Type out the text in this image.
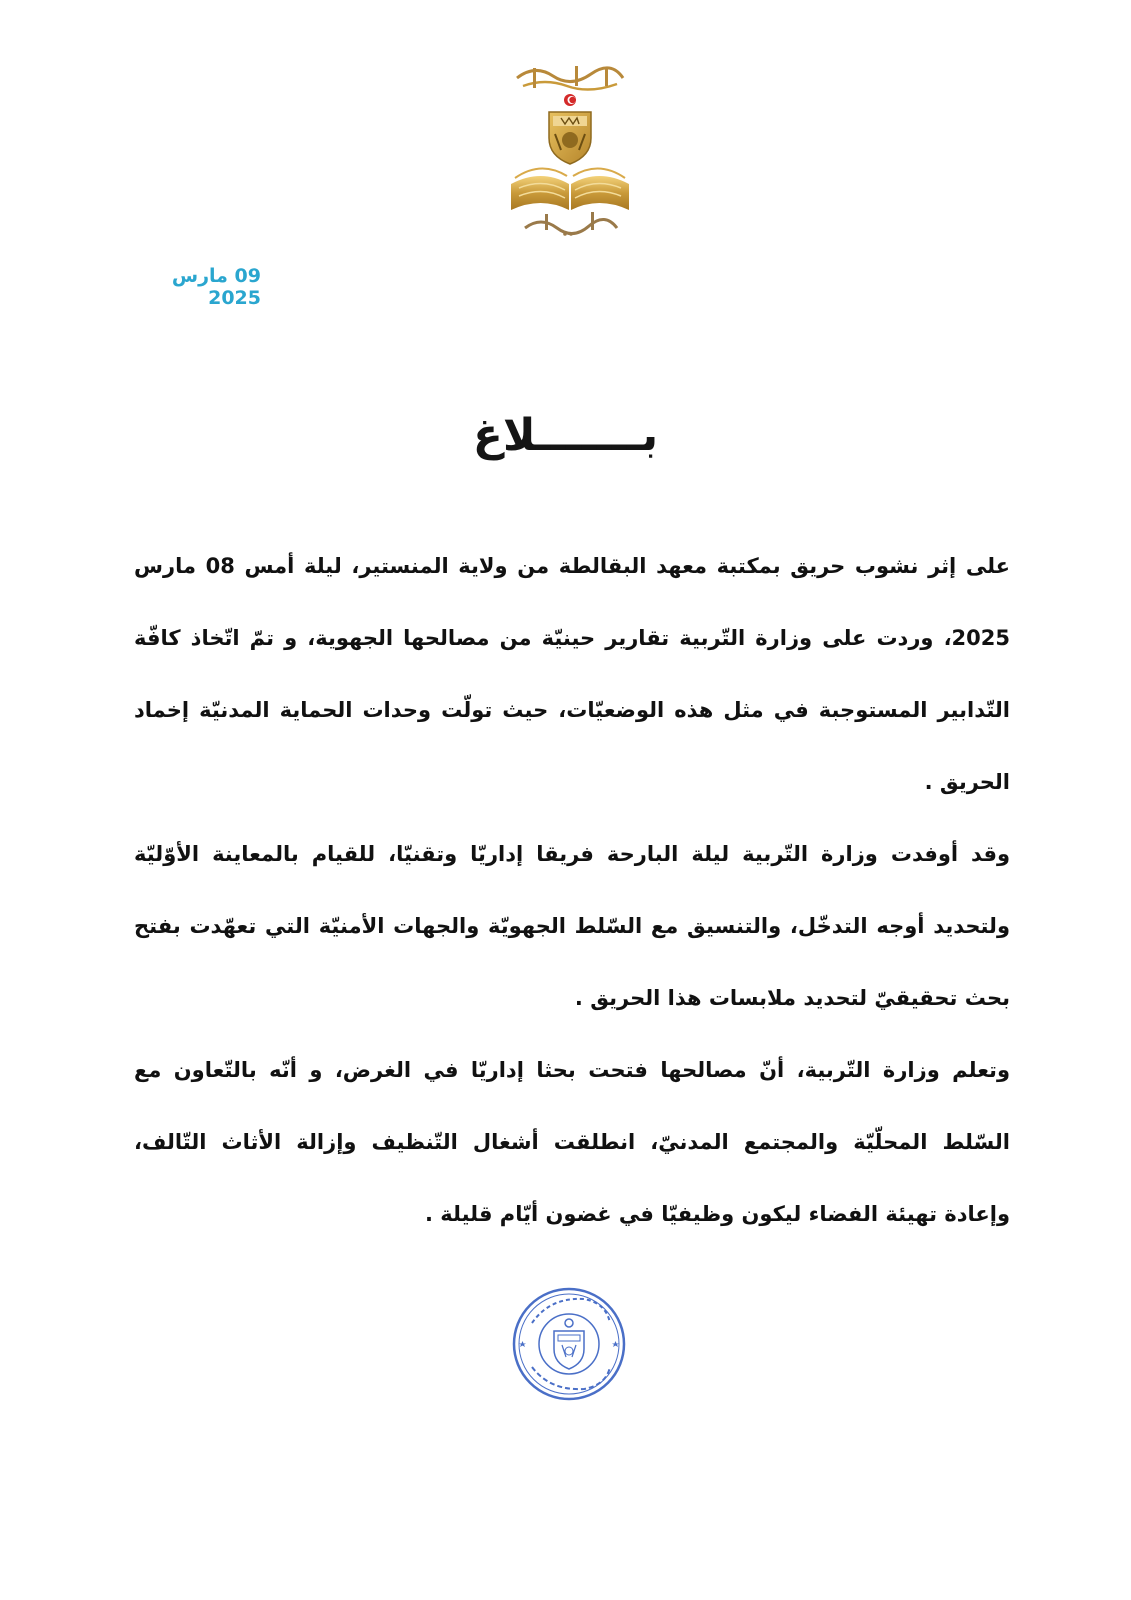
09 مارس 2025
بـــــــلاغ

على إثر نشوب حريق بمكتبة معهد البقالطة من ولاية المنستير، ليلة أمس 08 مارس 2025، وردت على وزارة التّربية تقارير حينيّة من مصالحها الجهوية، و تمّ اتّخاذ كافّة التّدابير المستوجبة في مثل هذه الوضعيّات، حيث تولّت وحدات الحماية المدنيّة إخماد الحريق .

وقد أوفدت وزارة التّربية ليلة البارحة فريقا إداريّا وتقنيّا، للقيام بالمعاينة الأوّليّة ولتحديد أوجه التدخّل، والتنسيق مع السّلط الجهويّة والجهات الأمنيّة التي تعهّدت بفتح بحث تحقيقيّ لتحديد ملابسات هذا الحريق .

وتعلم وزارة التّربية، أنّ مصالحها فتحت بحثا إداريّا في الغرض، و أنّه بالتّعاون مع السّلط المحلّيّة والمجتمع المدنيّ، انطلقت أشغال التّنظيف وإزالة الأثاث التّالف، وإعادة تهيئة الفضاء ليكون وظيفيّا في غضون أيّام قليلة .
